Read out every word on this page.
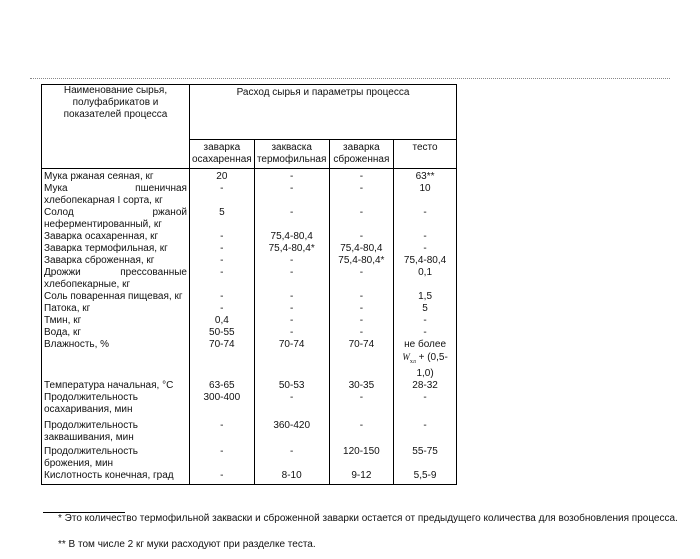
Наименование сырья, полуфабрикатов и показателей процесса	Расход сырья и параметры процесса			
	заварка осахаренная	закваска термофильная	заварка сброженная	тесто
Мука ржаная сеяная, кг	20	-	-	63**
Мука пшеничная хлебопекарная I сорта, кг	-	-	-	10
Солод ржаной неферментированный, кг	5	-	-	-
Заварка осахаренная, кг	-	75,4-80,4	-	-
Заварка термофильная, кг	-	75,4-80,4*	75,4-80,4	-
Заварка сброженная, кг	-	-	75,4-80,4*	75,4-80,4
Дрожжи прессованные хлебопекарные, кг	-	-	-	0,1
Соль поваренная пищевая, кг	-	-	-	1,5
Патока, кг	-	-	-	5
Тмин, кг	0,4	-	-	-
Вода, кг	50-55	-	-	-
Влажность, %	70-74	70-74	70-74	не более
$W_{хл} + (0,5-$
1,0)
Температура начальная, °С	63-65	50-53	30-35	28-32
Продолжительность осахаривания, мин	300-400	-	-	-
Продолжительность заквашивания, мин	-	360-420	-	-
Продолжительность брожения, мин	-	-	120-150	55-75
Кислотность конечная, град	-	8-10	9-12	5,5-9
* Это количество термофильной закваски и сброженной заварки остается от предыдущего количества для возобновления процесса.
** В том числе 2 кг муки расходуют при разделке теста.
